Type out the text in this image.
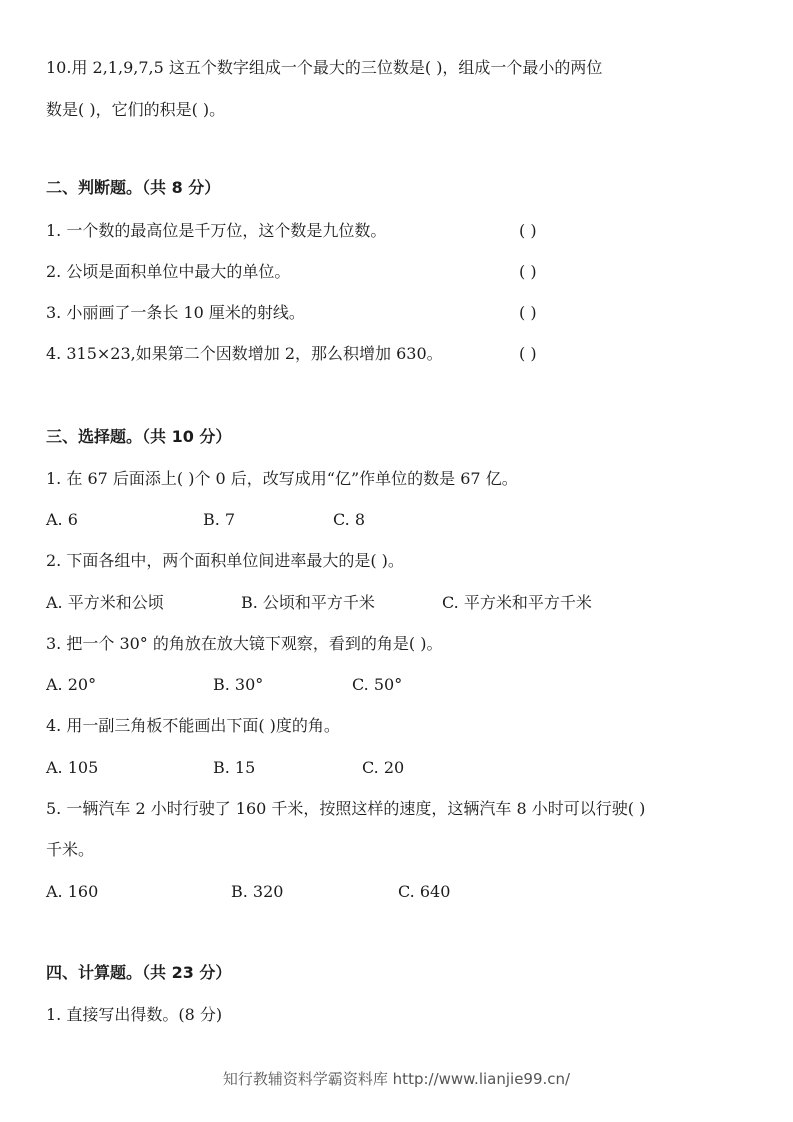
10.用 2,1,9,7,5 这五个数字组成一个最大的三位数是( )，组成一个最小的两位
数是( )，它们的积是( )。
二、判断题。（共 8 分）
1. 一个数的最高位是千万位，这个数是九位数。	( )
2. 公顷是面积单位中最大的单位。	( )
3. 小丽画了一条长 10 厘米的射线。	( )
4. 315×23,如果第二个因数增加 2，那么积增加 630。	( )
三、选择题。（共 10 分）
1. 在 67 后面添上( )个 0 后，改写成用“亿”作单位的数是 67 亿。
A. 6	B. 7	C. 8
2. 下面各组中，两个面积单位间进率最大的是( )。
A. 平方米和公顷	B. 公顷和平方千米	C. 平方米和平方千米
3. 把一个 30° 的角放在放大镜下观察，看到的角是( )。
A. 20°	B. 30°	C. 50°
4. 用一副三角板不能画出下面( )度的角。
A. 105	B. 15	C. 20
5. 一辆汽车 2 小时行驶了 160 千米，按照这样的速度，这辆汽车 8 小时可以行驶( )
千米。
A. 160	B. 320	C. 640
四、计算题。（共 23 分）
1. 直接写出得数。(8 分)
知行教辅资料学霸资料库 http://www.lianjie99.cn/
